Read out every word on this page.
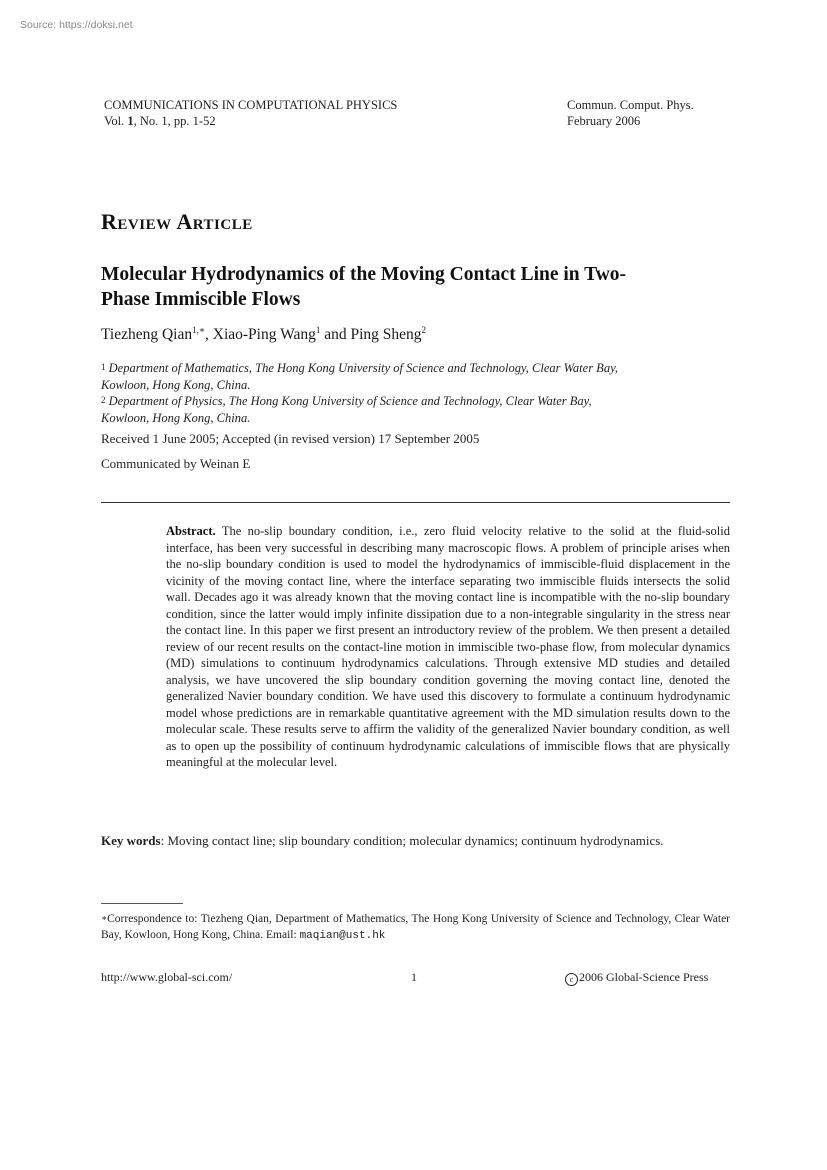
Source: https://doksi.net
COMMUNICATIONS IN COMPUTATIONAL PHYSICS
Vol. 1, No. 1, pp. 1-52
Commun. Comput. Phys.
February 2006
Review Article
Molecular Hydrodynamics of the Moving Contact Line in Two-Phase Immiscible Flows
Tiezheng Qian$^{1,∗}$, Xiao-Ping Wang$^1$ and Ping Sheng$^2$
$^1$ Department of Mathematics, The Hong Kong University of Science and Technology, Clear Water Bay, Kowloon, Hong Kong, China.
$^2$ Department of Physics, The Hong Kong University of Science and Technology, Clear Water Bay, Kowloon, Hong Kong, China.
Received 1 June 2005; Accepted (in revised version) 17 September 2005
Communicated by Weinan E
Abstract. The no-slip boundary condition, i.e., zero fluid velocity relative to the solid at the fluid-solid interface, has been very successful in describing many macroscopic flows. A problem of principle arises when the no-slip boundary condition is used to model the hydrodynamics of immiscible-fluid displacement in the vicinity of the moving contact line, where the interface separating two immiscible fluids intersects the solid wall. Decades ago it was already known that the moving contact line is incompatible with the no-slip boundary condition, since the latter would imply infinite dissipation due to a non-integrable singularity in the stress near the contact line. In this paper we first present an introductory review of the problem. We then present a detailed review of our recent results on the contact-line motion in immiscible two-phase flow, from molecular dynamics (MD) simulations to continuum hydrodynamics calculations. Through extensive MD studies and detailed analysis, we have uncovered the slip boundary condition governing the moving contact line, denoted the generalized Navier boundary condition. We have used this discovery to formulate a continuum hydrodynamic model whose predictions are in remarkable quantitative agreement with the MD simulation results down to the molecular scale. These results serve to affirm the validity of the generalized Navier boundary condition, as well as to open up the possibility of continuum hydrodynamic calculations of immiscible flows that are physically meaningful at the molecular level.
Key words: Moving contact line; slip boundary condition; molecular dynamics; continuum hydrodynamics.
∗Correspondence to: Tiezheng Qian, Department of Mathematics, The Hong Kong University of Science and Technology, Clear Water Bay, Kowloon, Hong Kong, China. Email: maqian@ust.hk
http://www.global-sci.com/	1	c 2006 Global-Science Press
